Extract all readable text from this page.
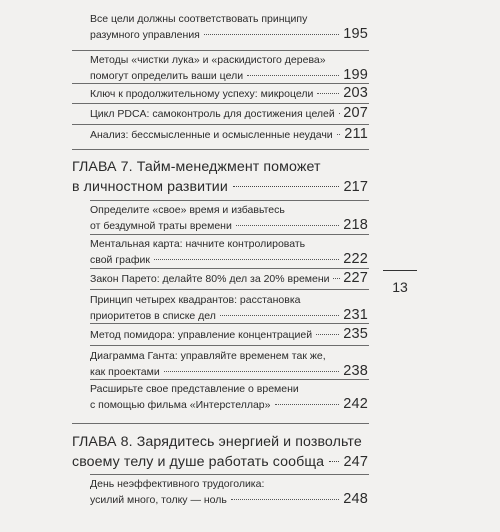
Все цели должны соответствовать принципу
разумного управления	195
Методы «чистки лука» и «раскидистого дерева»
помогут определить ваши цели	199
Ключ к продолжительному успеху: микроцели 203
Цикл PDCA: самоконтроль для достижения целей 207
Анализ: бессмысленные и осмысленные неудачи 211
ГЛАВА 7. Тайм-менеджмент поможет
в личностном развитии	217
Определите «свое» время и избавьтесь
от бездумной траты времени	218
Ментальная карта: начните контролировать
свой график	222
Закон Парето: делайте 80% дел за 20% времени 227
Принцип четырех квадрантов: расстановка
приоритетов в списке дел	231
Метод помидора: управление концентрацией 235
Диаграмма Ганта: управляйте временем так же,
как проектами	238
Расширьте свое представление о времени
с помощью фильма «Интерстеллар»	242
ГЛАВА 8. Зарядитесь энергией и позвольте
своему телу и душе работать сообща 247
День неэффективного трудоголика:
усилий много, толку — ноль	248
13
